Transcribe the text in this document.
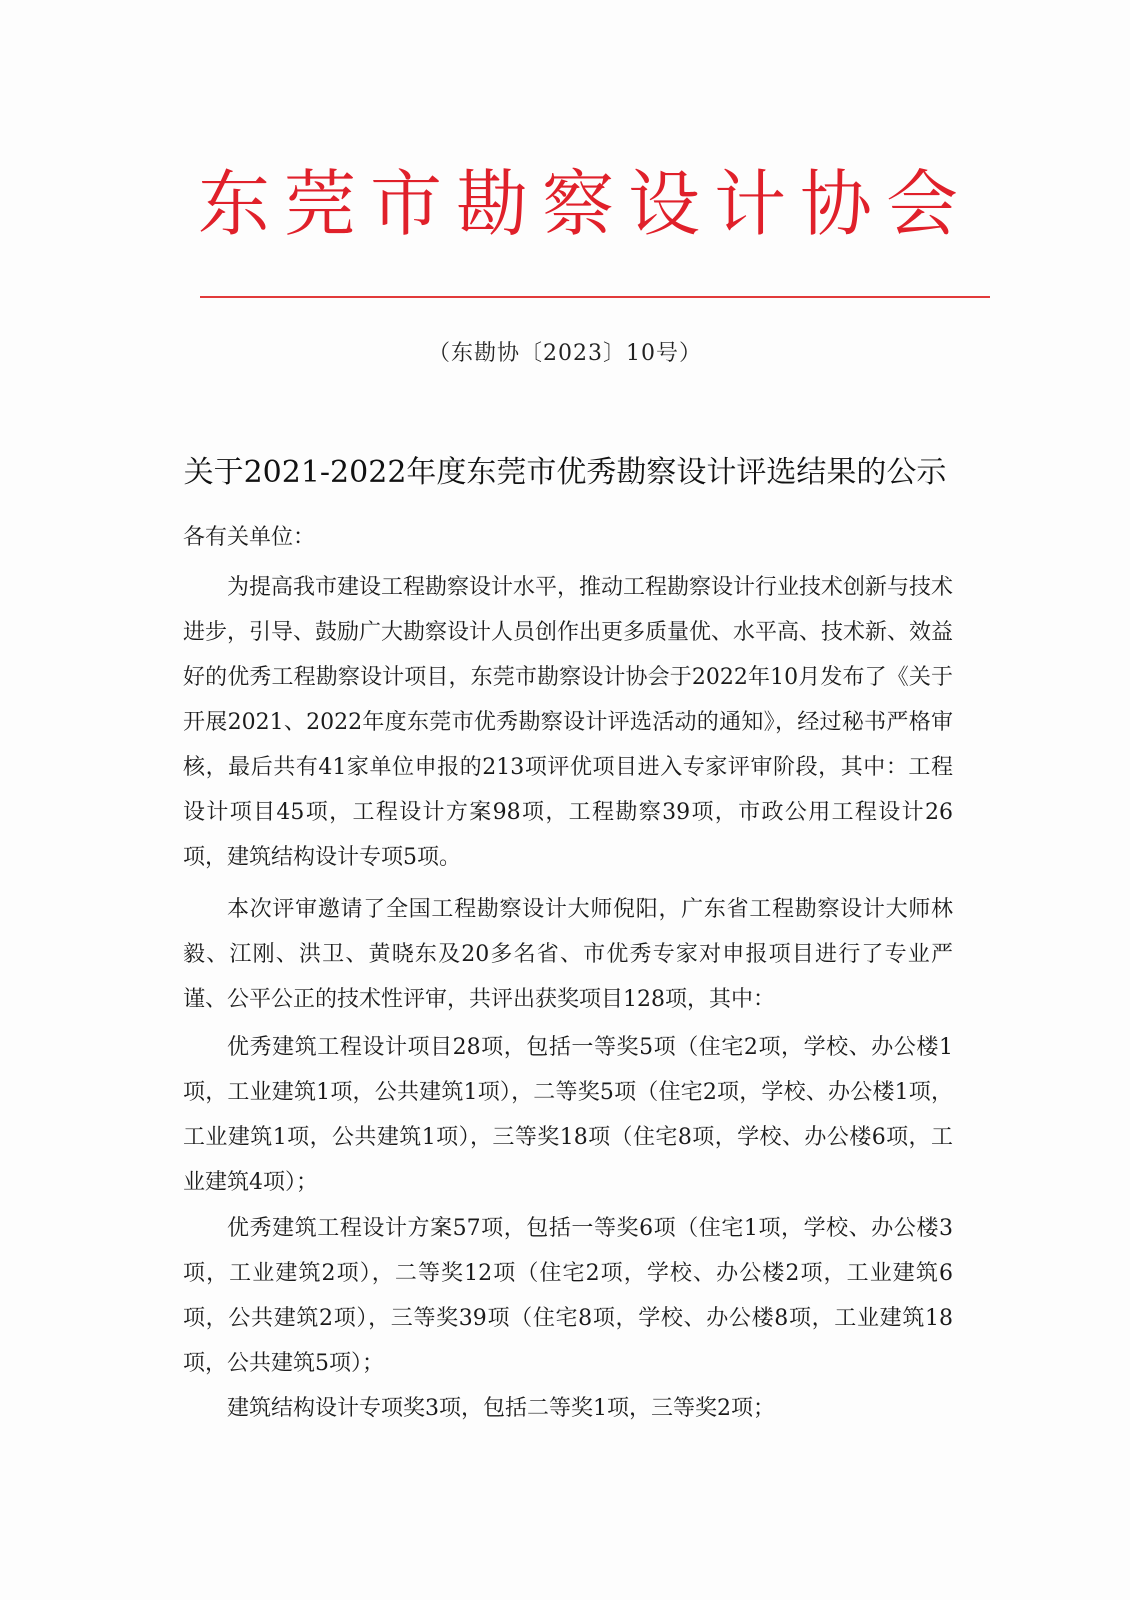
东莞市勘察设计协会
（东勘协〔2023〕10号）
关于2021-2022年度东莞市优秀勘察设计评选结果的公示
各有关单位：

为提高我市建设工程勘察设计水平，推动工程勘察设计行业技术创新与技术进步，引导、鼓励广大勘察设计人员创作出更多质量优、水平高、技术新、效益好的优秀工程勘察设计项目，东莞市勘察设计协会于2022年10月发布了《关于开展2021、2022年度东莞市优秀勘察设计评选活动的通知》，经过秘书严格审核，最后共有41家单位申报的213项评优项目进入专家评审阶段，其中：工程设计项目45项，工程设计方案98项，工程勘察39项，市政公用工程设计26项，建筑结构设计专项5项。

本次评审邀请了全国工程勘察设计大师倪阳，广东省工程勘察设计大师林毅、江刚、洪卫、黄晓东及20多名省、市优秀专家对申报项目进行了专业严谨、公平公正的技术性评审，共评出获奖项目128项，其中：

优秀建筑工程设计项目28项，包括一等奖5项（住宅2项，学校、办公楼1项，工业建筑1项，公共建筑1项），二等奖5项（住宅2项，学校、办公楼1项，工业建筑1项，公共建筑1项），三等奖18项（住宅8项，学校、办公楼6项，工业建筑4项）；

优秀建筑工程设计方案57项，包括一等奖6项（住宅1项，学校、办公楼3项，工业建筑2项），二等奖12项（住宅2项，学校、办公楼2项，工业建筑6项，公共建筑2项），三等奖39项（住宅8项，学校、办公楼8项，工业建筑18项，公共建筑5项）；

建筑结构设计专项奖3项，包括二等奖1项，三等奖2项；
